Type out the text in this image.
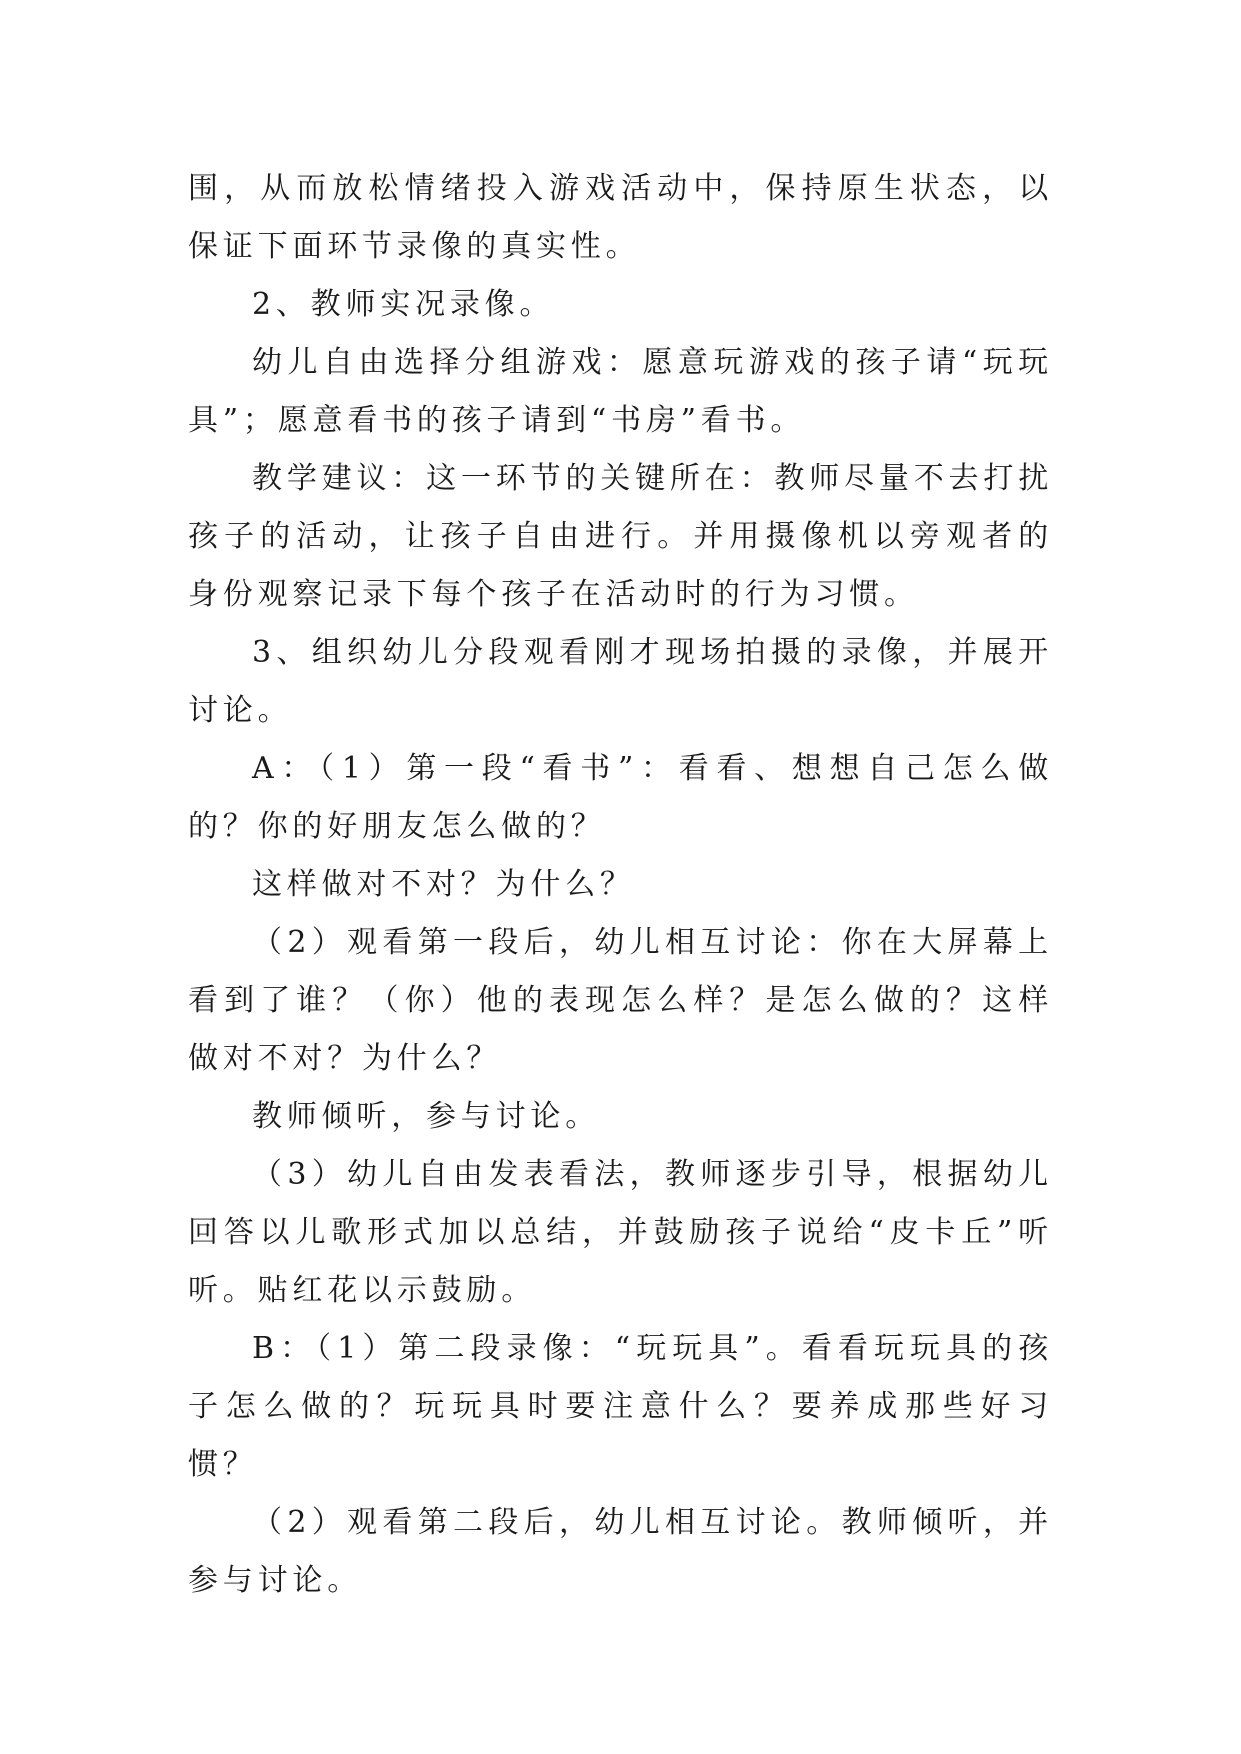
围，从而放松情绪投入游戏活动中，保持原生状态，以保证下面环节录像的真实性。

2、教师实况录像。

幼儿自由选择分组游戏：愿意玩游戏的孩子请“玩玩具”；愿意看书的孩子请到“书房”看书。

教学建议：这一环节的关键所在：教师尽量不去打扰孩子的活动，让孩子自由进行。并用摄像机以旁观者的身份观察记录下每个孩子在活动时的行为习惯。

3、组织幼儿分段观看刚才现场拍摄的录像，并展开讨论。

A：（1）第一段“看书”：看看、想想自己怎么做的？你的好朋友怎么做的？

这样做对不对？为什么？

（2）观看第一段后，幼儿相互讨论：你在大屏幕上看到了谁？（你）他的表现怎么样？是怎么做的？这样做对不对？为什么？

教师倾听，参与讨论。

（3）幼儿自由发表看法，教师逐步引导，根据幼儿回答以儿歌形式加以总结，并鼓励孩子说给“皮卡丘”听听。贴红花以示鼓励。

B：（1）第二段录像：“玩玩具”。看看玩玩具的孩子怎么做的？玩玩具时要注意什么？要养成那些好习惯？

（2）观看第二段后，幼儿相互讨论。教师倾听，并参与讨论。
